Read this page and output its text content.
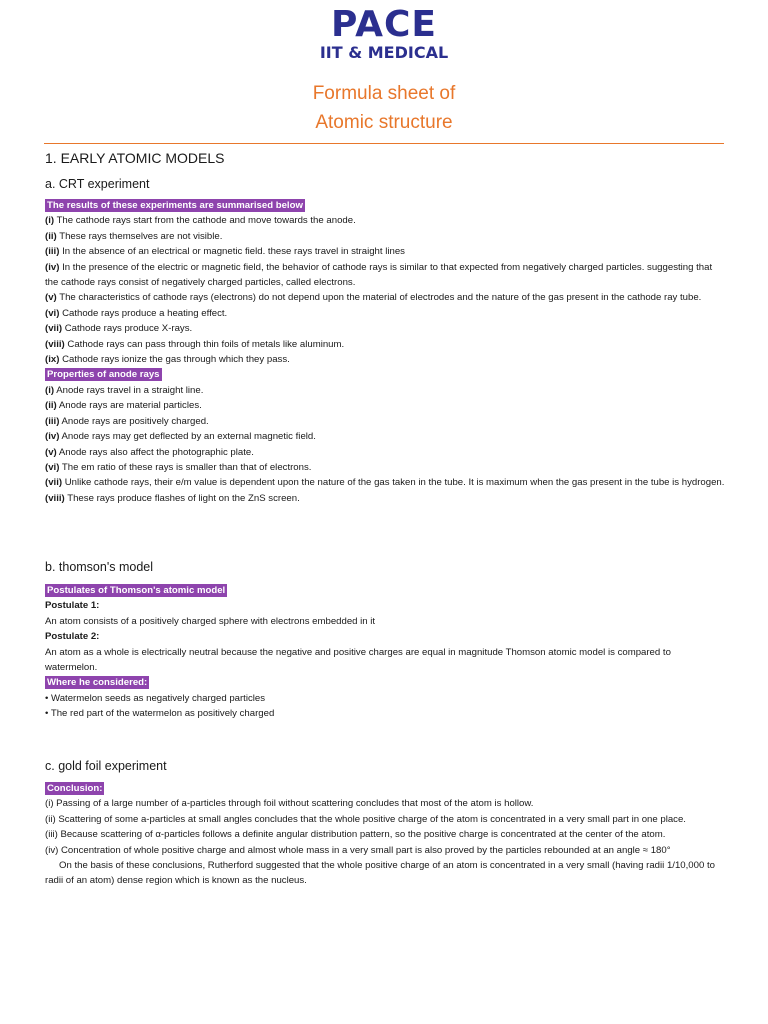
PACE
IIT & MEDICAL
Formula sheet of
Atomic structure
1. EARLY ATOMIC MODELS
a. CRT experiment
The results of these experiments are summarised below
(i) The cathode rays start from the cathode and move towards the anode.
(ii) These rays themselves are not visible.
(iii) In the absence of an electrical or magnetic field. these rays travel in straight lines
(iv) In the presence of the electric or magnetic field, the behavior of cathode rays is similar to that expected from negatively charged particles. suggesting that the cathode rays consist of negatively charged particles, called electrons.
(v) The characteristics of cathode rays (electrons) do not depend upon the material of electrodes and the nature of the gas present in the cathode ray tube.
(vi) Cathode rays produce a heating effect.
(vii) Cathode rays produce X-rays.
(viii) Cathode rays can pass through thin foils of metals like aluminum.
(ix) Cathode rays ionize the gas through which they pass.
Properties of anode rays
(i) Anode rays travel in a straight line.
(ii) Anode rays are material particles.
(iii) Anode rays are positively charged.
(iv) Anode rays may get deflected by an external magnetic field.
(v) Anode rays also affect the photographic plate.
(vi) The em ratio of these rays is smaller than that of electrons.
(vii) Unlike cathode rays, their e/m value is dependent upon the nature of the gas taken in the tube. It is maximum when the gas present in the tube is hydrogen.
(viii) These rays produce flashes of light on the ZnS screen.
b. thomson's model
Postulates of Thomson's atomic model
Postulate 1:
An atom consists of a positively charged sphere with electrons embedded in it
Postulate 2:
An atom as a whole is electrically neutral because the negative and positive charges are equal in magnitude Thomson atomic model is compared to watermelon.
Where he considered:
• Watermelon seeds as negatively charged particles
• The red part of the watermelon as positively charged
c. gold foil experiment
Conclusion:
(i) Passing of a large number of a-particles through foil without scattering concludes that most of the atom is hollow.
(ii) Scattering of some a-particles at small angles concludes that the whole positive charge of the atom is concentrated in a very small part in one place.
(iii) Because scattering of α-particles follows a definite angular distribution pattern, so the positive charge is concentrated at the center of the atom.
(iv) Concentration of whole positive charge and almost whole mass in a very small part is also proved by the particles rebounded at an angle ≈ 180°
On the basis of these conclusions, Rutherford suggested that the whole positive charge of an atom is concentrated in a very small (having radii 1/10,000 to radii of an atom) dense region which is known as the nucleus.
